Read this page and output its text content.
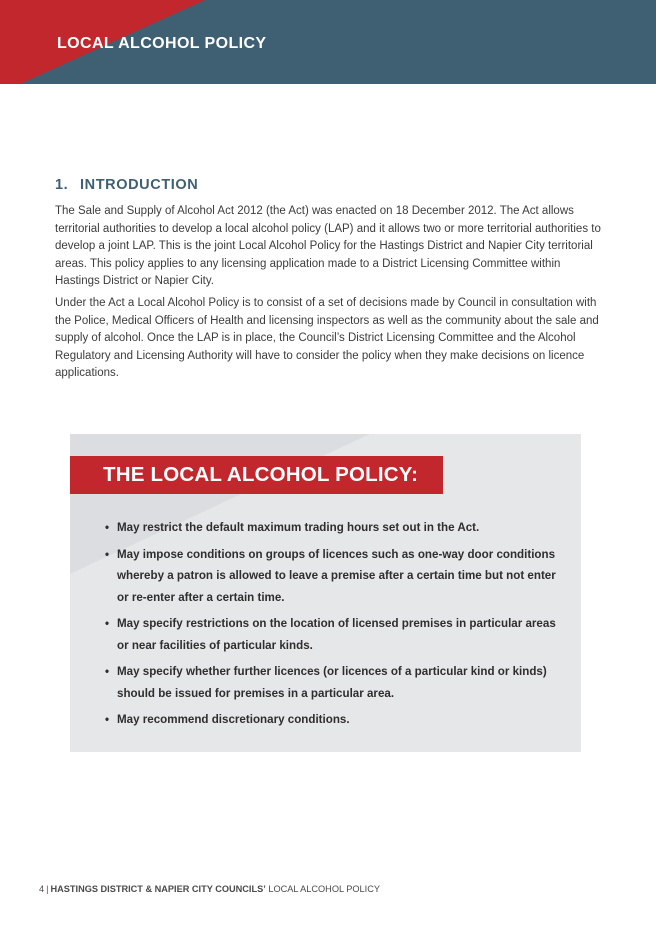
LOCAL ALCOHOL POLICY
1. INTRODUCTION

The Sale and Supply of Alcohol Act 2012 (the Act) was enacted on 18 December 2012. The Act allows territorial authorities to develop a local alcohol policy (LAP) and it allows two or more territorial authorities to develop a joint LAP. This is the joint Local Alcohol Policy for the Hastings District and Napier City territorial areas. This policy applies to any licensing application made to a District Licensing Committee within Hastings District or Napier City.

Under the Act a Local Alcohol Policy is to consist of a set of decisions made by Council in consultation with the Police, Medical Officers of Health and licensing inspectors as well as the community about the sale and supply of alcohol. Once the LAP is in place, the Council’s District Licensing Committee and the Alcohol Regulatory and Licensing Authority will have to consider the policy when they make decisions on licence applications.

THE LOCAL ALCOHOL POLICY:
• May restrict the default maximum trading hours set out in the Act.
• May impose conditions on groups of licences such as one-way door conditions whereby a patron is allowed to leave a premise after a certain time but not enter or re-enter after a certain time.
• May specify restrictions on the location of licensed premises in particular areas or near facilities of particular kinds.
• May specify whether further licences (or licences of a particular kind or kinds) should be issued for premises in a particular area.
• May recommend discretionary conditions.
4 | HASTINGS DISTRICT & NAPIER CITY COUNCILS’ LOCAL ALCOHOL POLICY
